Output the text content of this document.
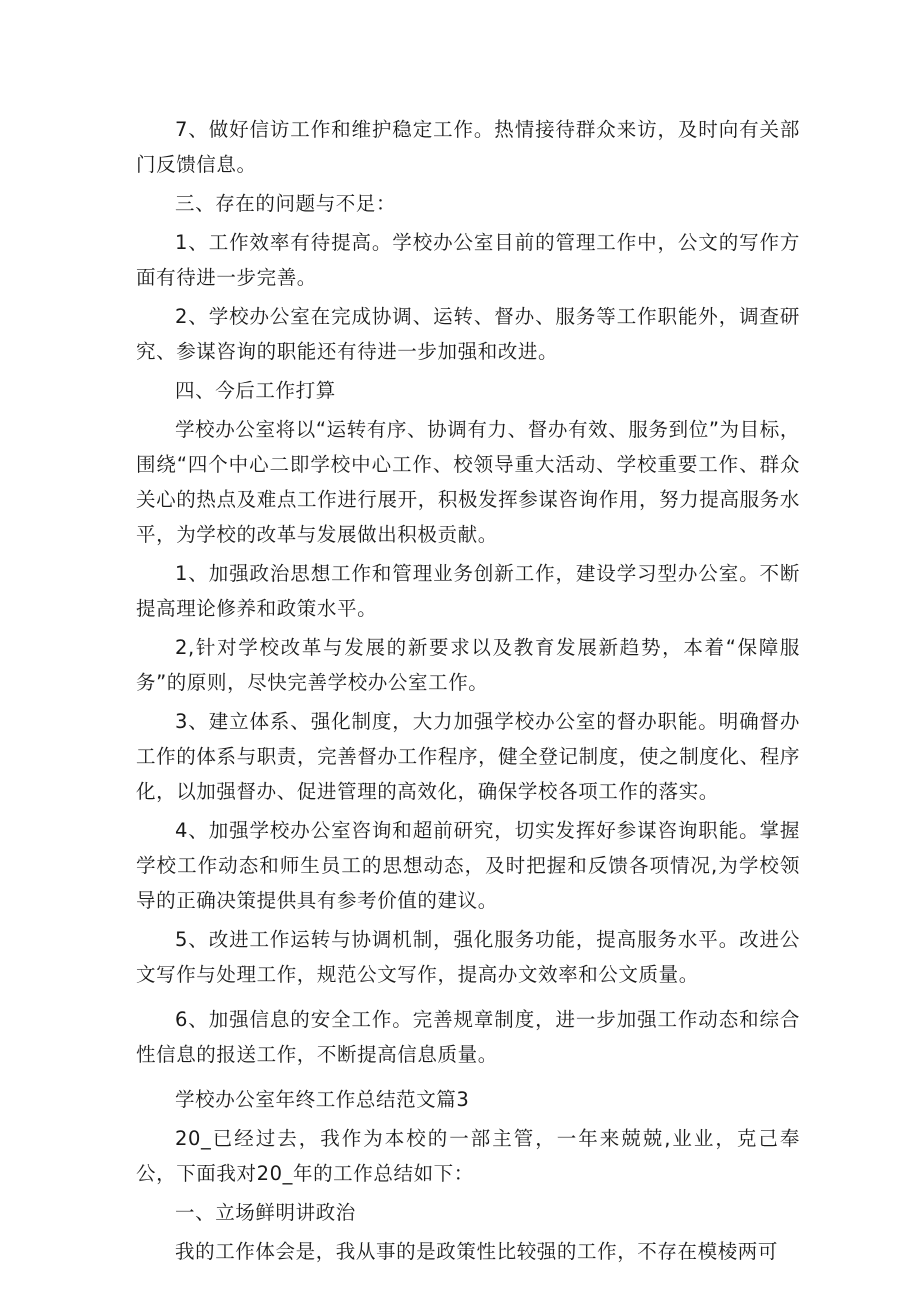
7、做好信访工作和维护稳定工作。热情接待群众来访，及时向有关部门反馈信息。

三、存在的问题与不足：

1、工作效率有待提高。学校办公室目前的管理工作中，公文的写作方面有待进一步完善。

2、学校办公室在完成协调、运转、督办、服务等工作职能外，调查研究、参谋咨询的职能还有待进一步加强和改进。

四、今后工作打算

学校办公室将以“运转有序、协调有力、督办有效、服务到位”为目标，围绕“四个中心二即学校中心工作、校领导重大活动、学校重要工作、群众关心的热点及难点工作进行展开，积极发挥参谋咨询作用，努力提高服务水平，为学校的改革与发展做出积极贡献。

1、加强政治思想工作和管理业务创新工作，建设学习型办公室。不断提高理论修养和政策水平。

2,针对学校改革与发展的新要求以及教育发展新趋势，本着“保障服务”的原则，尽快完善学校办公室工作。

3、建立体系、强化制度，大力加强学校办公室的督办职能。明确督办工作的体系与职责，完善督办工作程序，健全登记制度，使之制度化、程序化，以加强督办、促进管理的高效化，确保学校各项工作的落实。

4、加强学校办公室咨询和超前研究，切实发挥好参谋咨询职能。掌握学校工作动态和师生员工的思想动态，及时把握和反馈各项情况,为学校领导的正确决策提供具有参考价值的建议。

5、改进工作运转与协调机制，强化服务功能，提高服务水平。改进公文写作与处理工作，规范公文写作，提高办文效率和公文质量。

6、加强信息的安全工作。完善规章制度，进一步加强工作动态和综合性信息的报送工作，不断提高信息质量。

学校办公室年终工作总结范文篇3

20_已经过去，我作为本校的一部主管，一年来兢兢,业业，克己奉公，下面我对20_年的工作总结如下：

一、立场鲜明讲政治

我的工作体会是，我从事的是政策性比较强的工作，不存在模棱两可
